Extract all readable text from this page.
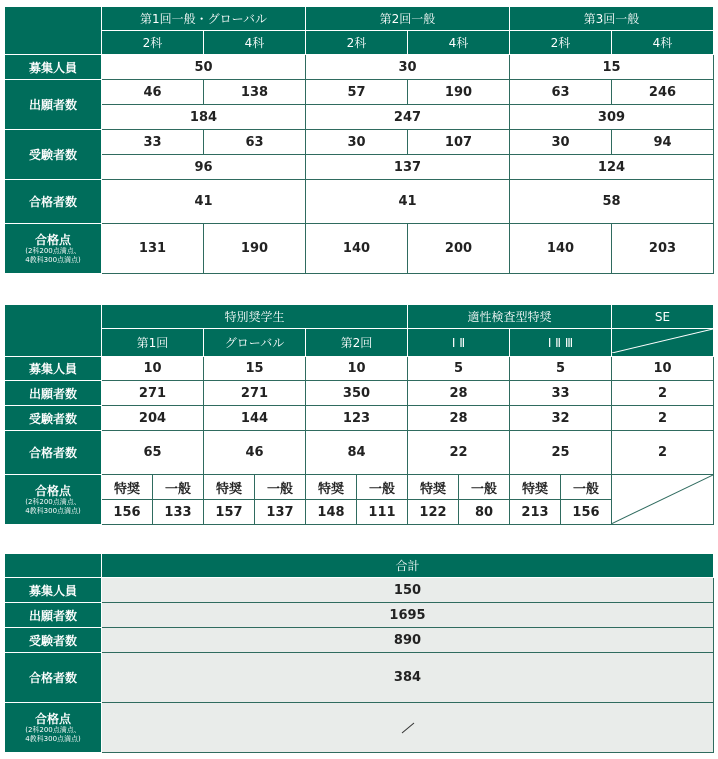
	第1回一般・グローバル		第2回一般		第3回一般	
	2科	4科	2科	4科	2科	4科
募集人員	50		30		15	
出願者数	46	138	57	190	63	246
	184		247		309	
受験者数	33	63	30	107	30	94
	96		137		124	
合格者数	41		41		58	

合格点
(2科200点満点、
4教科300点満点)	131	190	140	200	140	203
	特別奨学生						適性検査型特奨				SE
	第1回		グローバル		第2回		Ⅰ Ⅱ		Ⅰ Ⅱ Ⅲ	
募集人員	10		15		10		5		5		10
出願者数	271		271		350		28		33		2
受験者数	204		144		123		28		32		2
合格者数	65		46		84		22		25		2

合格点
(2科200点満点、
4教科300点満点)	特奨	一般	特奨	一般	特奨	一般	特奨	一般	特奨	一般	

	156	133	157	137	148	111	122	80	213	156	
	合計
募集人員	150
出願者数	1695
受験者数	890
合格者数	384

合格点
(2科200点満点、
4教科300点満点)
